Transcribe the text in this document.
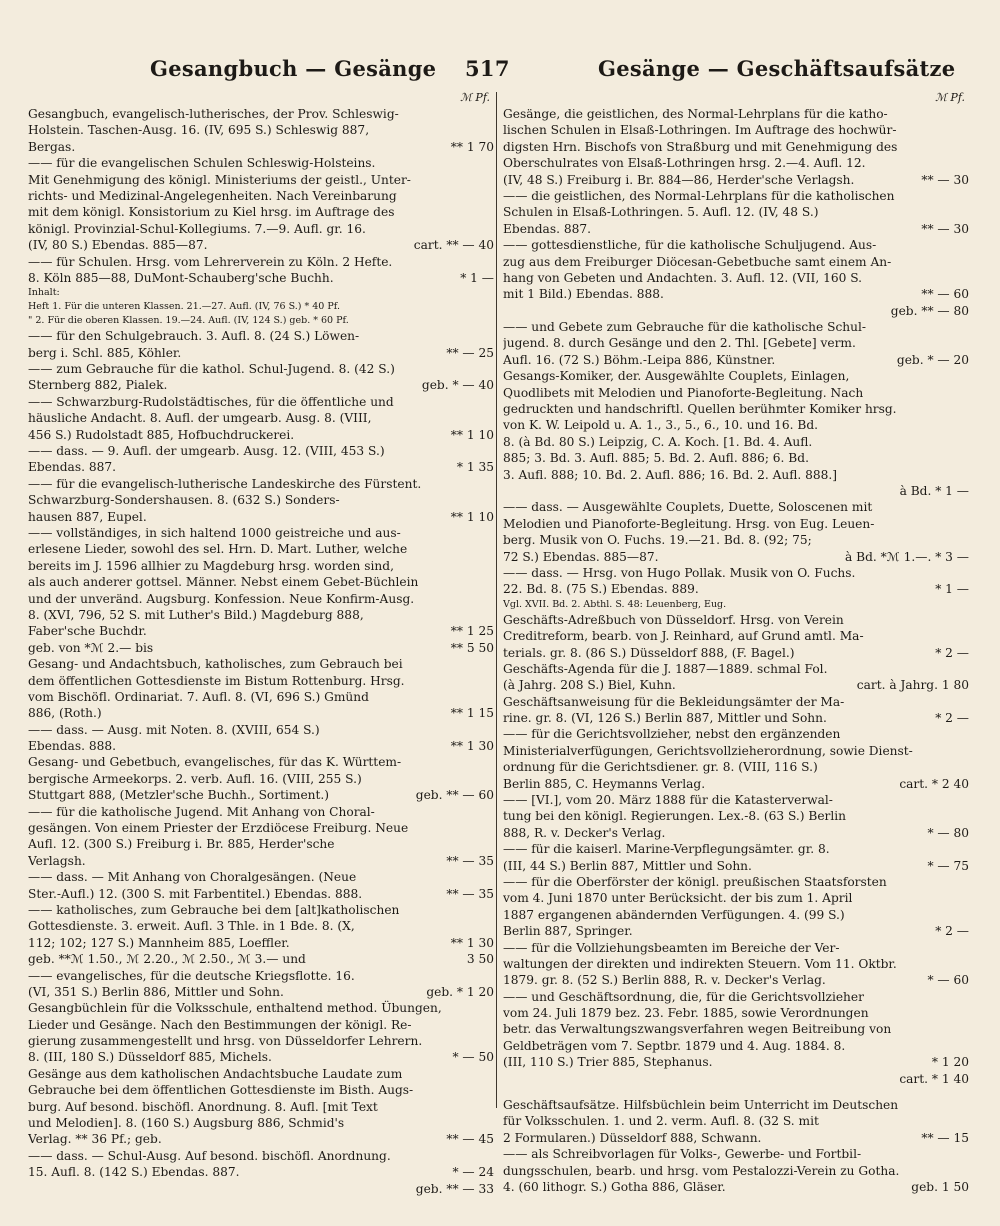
Gesangbuch — Gesänge 517	Gesänge — Geschäftsaufsätze
ℳ Pf.
Gesangbuch, evangelisch-lutherisches, der Prov. Schleswig-
Holstein. Taschen-Ausg. 16. (IV, 695 S.) Schleswig 887,
Bergas.	** 1 70
—— für die evangelischen Schulen Schleswig-Holsteins.
Mit Genehmigung des königl. Ministeriums der geistl., Unter-
richts- und Medizinal-Angelegenheiten. Nach Vereinbarung
mit dem königl. Konsistorium zu Kiel hrsg. im Auftrage des
königl. Provinzial-Schul-Kollegiums. 7.—9. Aufl. gr. 16.
(IV, 80 S.) Ebendas. 885—87.	cart. ** — 40
—— für Schulen. Hrsg. vom Lehrerverein zu Köln. 2 Hefte.
8. Köln 885—88, DuMont-Schauberg'sche Buchh.	* 1 —
Inhalt:
Heft 1. Für die unteren Klassen. 21.—27. Aufl. (IV, 76 S.) * 40 Pf.
" 2. Für die oberen Klassen. 19.—24. Aufl. (IV, 124 S.) geb. * 60 Pf.
—— für den Schulgebrauch. 3. Aufl. 8. (24 S.) Löwen-
berg i. Schl. 885, Köhler.	** — 25
—— zum Gebrauche für die kathol. Schul-Jugend. 8. (42 S.)
Sternberg 882, Pialek.	geb. * — 40
—— Schwarzburg-Rudolstädtisches, für die öffentliche und
häusliche Andacht. 8. Aufl. der umgearb. Ausg. 8. (VIII,
456 S.) Rudolstadt 885, Hofbuchdruckerei.	** 1 10
—— dass. — 9. Aufl. der umgearb. Ausg. 12. (VIII, 453 S.)
Ebendas. 887.	* 1 35
—— für die evangelisch-lutherische Landeskirche des Fürstent.
Schwarzburg-Sondershausen. 8. (632 S.) Sonders-
hausen 887, Eupel.	** 1 10
—— vollständiges, in sich haltend 1000 geistreiche und aus-
erlesene Lieder, sowohl des sel. Hrn. D. Mart. Luther, welche
bereits im J. 1596 allhier zu Magdeburg hrsg. worden sind,
als auch anderer gottsel. Männer. Nebst einem Gebet-Büchlein
und der unveränd. Augsburg. Konfession. Neue Konfirm-Ausg.
8. (XVI, 796, 52 S. mit Luther's Bild.) Magdeburg 888,
Faber'sche Buchdr.	** 1 25
geb. von *ℳ 2.— bis	** 5 50
Gesang- und Andachtsbuch, katholisches, zum Gebrauch bei
dem öffentlichen Gottesdienste im Bistum Rottenburg. Hrsg.
vom Bischöfl. Ordinariat. 7. Aufl. 8. (VI, 696 S.) Gmünd
886, (Roth.)	** 1 15
—— dass. — Ausg. mit Noten. 8. (XVIII, 654 S.)
Ebendas. 888.	** 1 30
Gesang- und Gebetbuch, evangelisches, für das K. Württem-
bergische Armeekorps. 2. verb. Aufl. 16. (VIII, 255 S.)
Stuttgart 888, (Metzler'sche Buchh., Sortiment.)	geb. ** — 60
—— für die katholische Jugend. Mit Anhang von Choral-
gesängen. Von einem Priester der Erzdiöcese Freiburg. Neue
Aufl. 12. (300 S.) Freiburg i. Br. 885, Herder'sche
Verlagsh.	** — 35
—— dass. — Mit Anhang von Choralgesängen. (Neue
Ster.-Aufl.) 12. (300 S. mit Farbentitel.) Ebendas. 888.	** — 35
—— katholisches, zum Gebrauche bei dem [alt]katholischen
Gottesdienste. 3. erweit. Aufl. 3 Thle. in 1 Bde. 8. (X,
112; 102; 127 S.) Mannheim 885, Loeffler.	** 1 30
geb. **ℳ 1.50., ℳ 2.20., ℳ 2.50., ℳ 3.— und	3 50
—— evangelisches, für die deutsche Kriegsflotte. 16.
(VI, 351 S.) Berlin 886, Mittler und Sohn.	geb. * 1 20
Gesangbüchlein für die Volksschule, enthaltend method. Übungen,
Lieder und Gesänge. Nach den Bestimmungen der königl. Re-
gierung zusammengestellt und hrsg. von Düsseldorfer Lehrern.
8. (III, 180 S.) Düsseldorf 885, Michels.	* — 50
Gesänge aus dem katholischen Andachtsbuche Laudate zum
Gebrauche bei dem öffentlichen Gottesdienste im Bisth. Augs-
burg. Auf besond. bischöfl. Anordnung. 8. Aufl. [mit Text
und Melodien]. 8. (160 S.) Augsburg 886, Schmid's
Verlag. ** 36 Pf.; geb.	** — 45
—— dass. — Schul-Ausg. Auf besond. bischöfl. Anordnung.
15. Aufl. 8. (142 S.) Ebendas. 887.	* — 24
geb. ** — 33
ℳ Pf.
Gesänge, die geistlichen, des Normal-Lehrplans für die katho-
lischen Schulen in Elsaß-Lothringen. Im Auftrage des hochwür-
digsten Hrn. Bischofs von Straßburg und mit Genehmigung des
Oberschulrates von Elsaß-Lothringen hrsg. 2.—4. Aufl. 12.
(IV, 48 S.) Freiburg i. Br. 884—86, Herder'sche Verlagsh.	** — 30
—— die geistlichen, des Normal-Lehrplans für die katholischen
Schulen in Elsaß-Lothringen. 5. Aufl. 12. (IV, 48 S.)
Ebendas. 887.	** — 30
—— gottesdienstliche, für die katholische Schuljugend. Aus-
zug aus dem Freiburger Diöcesan-Gebetbuche samt einem An-
hang von Gebeten und Andachten. 3. Aufl. 12. (VII, 160 S.
mit 1 Bild.) Ebendas. 888.	** — 60
geb. ** — 80
—— und Gebete zum Gebrauche für die katholische Schul-
jugend. 8. durch Gesänge und den 2. Thl. [Gebete] verm.
Aufl. 16. (72 S.) Böhm.-Leipa 886, Künstner.	geb. * — 20
Gesangs-Komiker, der. Ausgewählte Couplets, Einlagen,
Quodlibets mit Melodien und Pianoforte-Begleitung. Nach
gedruckten und handschriftl. Quellen berühmter Komiker hrsg.
von K. W. Leipold u. A. 1., 3., 5., 6., 10. und 16. Bd.
8. (à Bd. 80 S.) Leipzig, C. A. Koch. [1. Bd. 4. Aufl.
885; 3. Bd. 3. Aufl. 885; 5. Bd. 2. Aufl. 886; 6. Bd.
3. Aufl. 888; 10. Bd. 2. Aufl. 886; 16. Bd. 2. Aufl. 888.]
à Bd. * 1 —
—— dass. — Ausgewählte Couplets, Duette, Soloscenen mit
Melodien und Pianoforte-Begleitung. Hrsg. von Eug. Leuen-
berg. Musik von O. Fuchs. 19.—21. Bd. 8. (92; 75;
72 S.) Ebendas. 885—87.	à Bd. *ℳ 1.—. * 3 —
—— dass. — Hrsg. von Hugo Pollak. Musik von O. Fuchs.
22. Bd. 8. (75 S.) Ebendas. 889.	* 1 —
Vgl. XVII. Bd. 2. Abthl. S. 48: Leuenberg, Eug.
Geschäfts-Adreßbuch von Düsseldorf. Hrsg. von Verein
Creditreform, bearb. von J. Reinhard, auf Grund amtl. Ma-
terials. gr. 8. (86 S.) Düsseldorf 888, (F. Bagel.)	* 2 —
Geschäfts-Agenda für die J. 1887—1889. schmal Fol.
(à Jahrg. 208 S.) Biel, Kuhn.	cart. à Jahrg. 1 80
Geschäftsanweisung für die Bekleidungsämter der Ma-
rine. gr. 8. (VI, 126 S.) Berlin 887, Mittler und Sohn.	* 2 —
—— für die Gerichtsvollzieher, nebst den ergänzenden
Ministerialverfügungen, Gerichtsvollzieherordnung, sowie Dienst-
ordnung für die Gerichtsdiener. gr. 8. (VIII, 116 S.)
Berlin 885, C. Heymanns Verlag.	cart. * 2 40
—— [VI.], vom 20. März 1888 für die Katasterverwal-
tung bei den königl. Regierungen. Lex.-8. (63 S.) Berlin
888, R. v. Decker's Verlag.	* — 80
—— für die kaiserl. Marine-Verpflegungsämter. gr. 8.
(III, 44 S.) Berlin 887, Mittler und Sohn.	* — 75
—— für die Oberförster der königl. preußischen Staatsforsten
vom 4. Juni 1870 unter Berücksicht. der bis zum 1. April
1887 ergangenen abändernden Verfügungen. 4. (99 S.)
Berlin 887, Springer.	* 2 —
—— für die Vollziehungsbeamten im Bereiche der Ver-
waltungen der direkten und indirekten Steuern. Vom 11. Oktbr.
1879. gr. 8. (52 S.) Berlin 888, R. v. Decker's Verlag.	* — 60
—— und Geschäftsordnung, die, für die Gerichtsvollzieher
vom 24. Juli 1879 bez. 23. Febr. 1885, sowie Verordnungen
betr. das Verwaltungszwangsverfahren wegen Beitreibung von
Geldbeträgen vom 7. Septbr. 1879 und 4. Aug. 1884. 8.
(III, 110 S.) Trier 885, Stephanus.	* 1 20
cart. * 1 40
Geschäftsaufsätze. Hilfsbüchlein beim Unterricht im Deutschen
für Volksschulen. 1. und 2. verm. Aufl. 8. (32 S. mit
2 Formularen.) Düsseldorf 888, Schwann.	** — 15
—— als Schreibvorlagen für Volks-, Gewerbe- und Fortbil-
dungsschulen, bearb. und hrsg. vom Pestalozzi-Verein zu Gotha.
4. (60 lithogr. S.) Gotha 886, Gläser.	geb. 1 50
